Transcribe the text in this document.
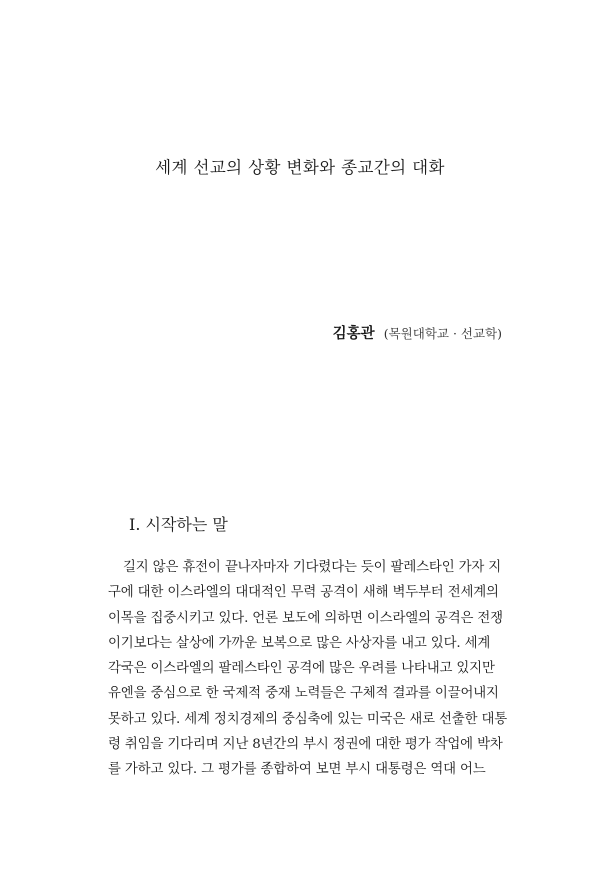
세계 선교의 상황 변화와 종교간의 대화
김홍관 (목원대학교 · 선교학)
I. 시작하는 말
길지 않은 휴전이 끝나자마자 기다렸다는 듯이 팔레스타인 가자 지
구에 대한 이스라엘의 대대적인 무력 공격이 새해 벽두부터 전세계의
이목을 집중시키고 있다. 언론 보도에 의하면 이스라엘의 공격은 전쟁
이기보다는 살상에 가까운 보복으로 많은 사상자를 내고 있다. 세계
각국은 이스라엘의 팔레스타인 공격에 많은 우려를 나타내고 있지만
유엔을 중심으로 한 국제적 중재 노력들은 구체적 결과를 이끌어내지
못하고 있다. 세계 정치경제의 중심축에 있는 미국은 새로 선출한 대통
령 취임을 기다리며 지난 8년간의 부시 정권에 대한 평가 작업에 박차
를 가하고 있다. 그 평가를 종합하여 보면 부시 대통령은 역대 어느
